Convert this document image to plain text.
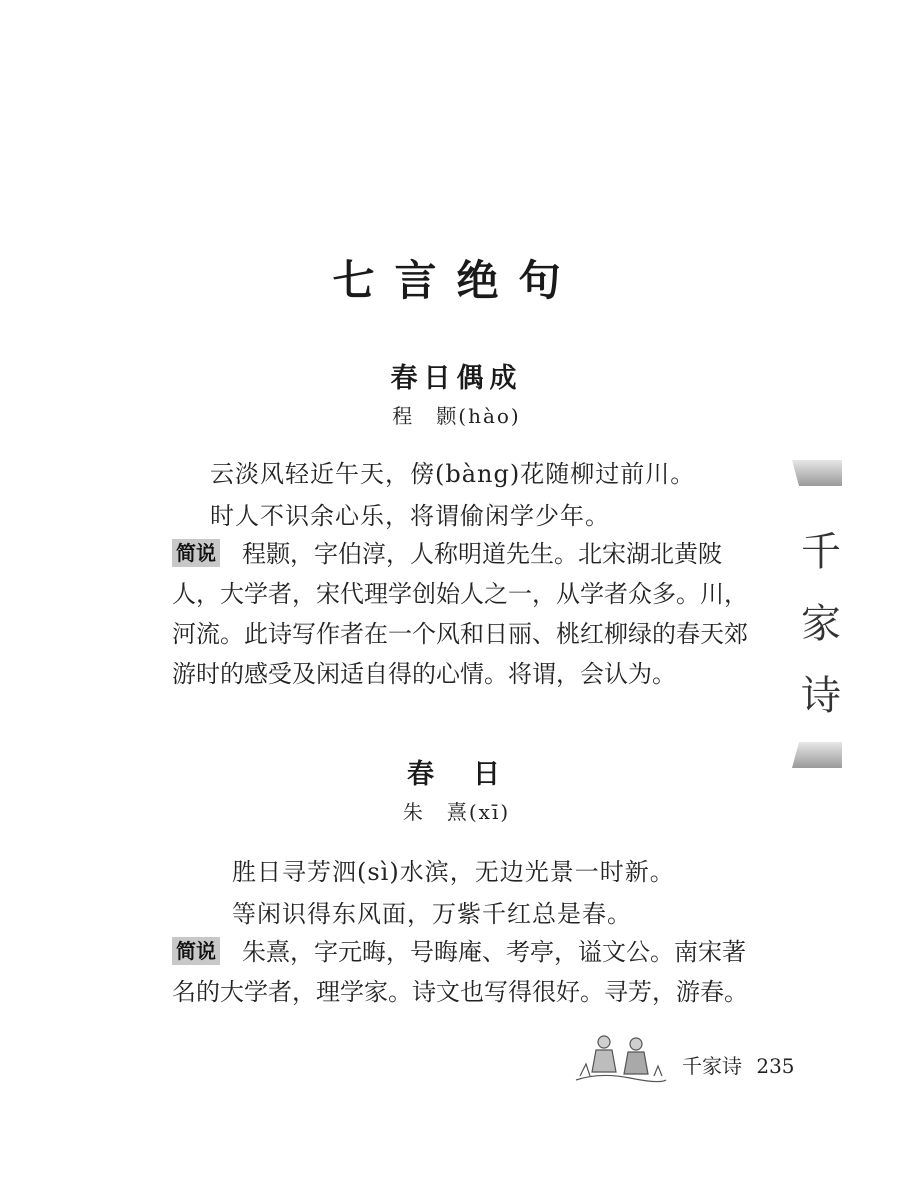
七言绝句
春日偶成
程　颢(hào)
云淡风轻近午天，傍(bàng)花随柳过前川。
时人不识余心乐，将谓偷闲学少年。
简说 程颢，字伯淳，人称明道先生。北宋湖北黄陂人，大学者，宋代理学创始人之一，从学者众多。川，河流。此诗写作者在一个风和日丽、桃红柳绿的春天郊游时的感受及闲适自得的心情。将谓，会认为。
春　日
朱　熹(xī)
胜日寻芳泗(sì)水滨，无边光景一时新。
等闲识得东风面，万紫千红总是春。
简说 朱熹，字元晦，号晦庵、考亭，谥文公。南宋著名的大学者，理学家。诗文也写得很好。寻芳，游春。
千
家
诗
千家诗 235
